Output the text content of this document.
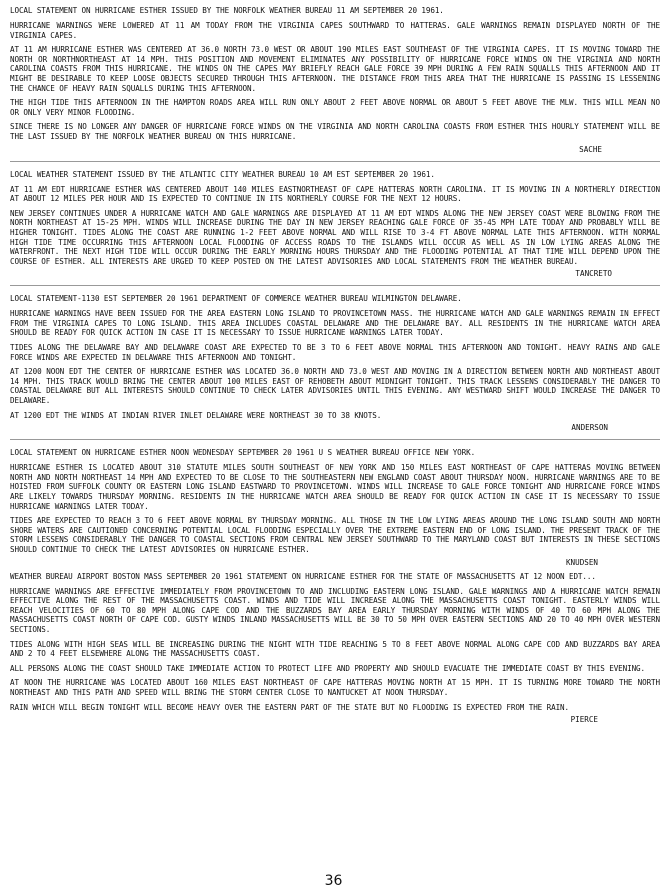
LOCAL STATEMENT ON HURRICANE ESTHER ISSUED BY THE NORFOLK WEATHER BUREAU 11 AM SEPTEMBER 20 1961.

HURRICANE WARNINGS WERE LOWERED AT 11 AM TODAY FROM THE VIRGINIA CAPES SOUTHWARD TO HATTERAS. GALE WARNINGS REMAIN DISPLAYED NORTH OF THE VIRGINIA CAPES.

AT 11 AM HURRICANE ESTHER WAS CENTERED AT 36.0 NORTH 73.0 WEST OR ABOUT 190 MILES EAST SOUTHEAST OF THE VIRGINIA CAPES. IT IS MOVING TOWARD THE NORTH OR NORTHNORTHEAST AT 14 MPH. THIS POSITION AND MOVEMENT ELIMINATES ANY POSSIBILITY OF HURRICANE FORCE WINDS ON THE VIRGINIA AND NORTH CAROLINA COASTS FROM THIS HURRICANE. THE WINDS ON THE CAPES MAY BRIEFLY REACH GALE FORCE 39 MPH DURING A FEW RAIN SQUALLS THIS AFTERNOON AND IT MIGHT BE DESIRABLE TO KEEP LOOSE OBJECTS SECURED THROUGH THIS AFTERNOON. THE DISTANCE FROM THIS AREA THAT THE HURRICANE IS PASSING IS LESSENING THE CHANCE OF HEAVY RAIN SQUALLS DURING THIS AFTERNOON.

THE HIGH TIDE THIS AFTERNOON IN THE HAMPTON ROADS AREA WILL RUN ONLY ABOUT 2 FEET ABOVE NORMAL OR ABOUT 5 FEET ABOVE THE MLW. THIS WILL MEAN NO OR ONLY VERY MINOR FLOODING.

SINCE THERE IS NO LONGER ANY DANGER OF HURRICANE FORCE WINDS ON THE VIRGINIA AND NORTH CAROLINA COASTS FROM ESTHER THIS HOURLY STATEMENT WILL BE THE LAST ISSUED BY THE NORFOLK WEATHER BUREAU ON THIS HURRICANE.

SACHE

LOCAL WEATHER STATEMENT ISSUED BY THE ATLANTIC CITY WEATHER BUREAU 10 AM EST SEPTEMBER 20 1961.

AT 11 AM EDT HURRICANE ESTHER WAS CENTERED ABOUT 140 MILES EASTNORTHEAST OF CAPE HATTERAS NORTH CAROLINA. IT IS MOVING IN A NORTHERLY DIRECTION AT ABOUT 12 MILES PER HOUR AND IS EXPECTED TO CONTINUE IN ITS NORTHERLY COURSE FOR THE NEXT 12 HOURS.

NEW JERSEY CONTINUES UNDER A HURRICANE WATCH AND GALE WARNINGS ARE DISPLAYED AT 11 AM EDT WINDS ALONG THE NEW JERSEY COAST WERE BLOWING FROM THE NORTH NORTHEAST AT 15-25 MPH. WINDS WILL INCREASE DURING THE DAY IN NEW JERSEY REACHING GALE FORCE OF 35-45 MPH LATE TODAY AND PROBABLY WILL BE HIGHER TONIGHT. TIDES ALONG THE COAST ARE RUNNING 1-2 FEET ABOVE NORMAL AND WILL RISE TO 3-4 FT ABOVE NORMAL LATE THIS AFTERNOON. WITH NORMAL HIGH TIDE TIME OCCURRING THIS AFTERNOON LOCAL FLOODING OF ACCESS ROADS TO THE ISLANDS WILL OCCUR AS WELL AS IN LOW LYING AREAS ALONG THE WATERFRONT. THE NEXT HIGH TIDE WILL OCCUR DURING THE EARLY MORNING HOURS THURSDAY AND THE FLOODING POTENTIAL AT THAT TIME WILL DEPEND UPON THE COURSE OF ESTHER. ALL INTERESTS ARE URGED TO KEEP POSTED ON THE LATEST ADVISORIES AND LOCAL STATEMENTS FROM THE WEATHER BUREAU.

TANCRETO

LOCAL STATEMENT-1130 EST SEPTEMBER 20 1961 DEPARTMENT OF COMMERCE WEATHER BUREAU WILMINGTON DELAWARE.

HURRICANE WARNINGS HAVE BEEN ISSUED FOR THE AREA EASTERN LONG ISLAND TO PROVINCETOWN MASS. THE HURRICANE WATCH AND GALE WARNINGS REMAIN IN EFFECT FROM THE VIRGINIA CAPES TO LONG ISLAND. THIS AREA INCLUDES COASTAL DELAWARE AND THE DELAWARE BAY. ALL RESIDENTS IN THE HURRICANE WATCH AREA SHOULD BE READY FOR QUICK ACTION IN CASE IT IS NECESSARY TO ISSUE HURRICANE WARNINGS LATER TODAY.

TIDES ALONG THE DELAWARE BAY AND DELAWARE COAST ARE EXPECTED TO BE 3 TO 6 FEET ABOVE NORMAL THIS AFTERNOON AND TONIGHT. HEAVY RAINS AND GALE FORCE WINDS ARE EXPECTED IN DELAWARE THIS AFTERNOON AND TONIGHT.

AT 1200 NOON EDT THE CENTER OF HURRICANE ESTHER WAS LOCATED 36.0 NORTH AND 73.0 WEST AND MOVING IN A DIRECTION BETWEEN NORTH AND NORTHEAST ABOUT 14 MPH. THIS TRACK WOULD BRING THE CENTER ABOUT 100 MILES EAST OF REHOBETH ABOUT MIDNIGHT TONIGHT. THIS TRACK LESSENS CONSIDERABLY THE DANGER TO COASTAL DELAWARE BUT ALL INTERESTS SHOULD CONTINUE TO CHECK LATER ADVISORIES UNTIL THIS EVENING. ANY WESTWARD SHIFT WOULD INCREASE THE DANGER TO DELAWARE.

AT 1200 EDT THE WINDS AT INDIAN RIVER INLET DELAWARE WERE NORTHEAST 30 TO 38 KNOTS.

ANDERSON

LOCAL STATEMENT ON HURRICANE ESTHER NOON WEDNESDAY SEPTEMBER 20 1961 U S WEATHER BUREAU OFFICE NEW YORK.

HURRICANE ESTHER IS LOCATED ABOUT 310 STATUTE MILES SOUTH SOUTHEAST OF NEW YORK AND 150 MILES EAST NORTHEAST OF CAPE HATTERAS MOVING BETWEEN NORTH AND NORTH NORTHEAST 14 MPH AND EXPECTED TO BE CLOSE TO THE SOUTHEASTERN NEW ENGLAND COAST ABOUT THURSDAY NOON. HURRICANE WARNINGS ARE TO BE HOISTED FROM SUFFOLK COUNTY OR EASTERN LONG ISLAND EASTWARD TO PROVINCETOWN. WINDS WILL INCREASE TO GALE FORCE TONIGHT AND HURRICANE FORCE WINDS ARE LIKELY TOWARDS THURSDAY MORNING. RESIDENTS IN THE HURRICANE WATCH AREA SHOULD BE READY FOR QUICK ACTION IN CASE IT IS NECESSARY TO ISSUE HURRICANE WARNINGS LATER TODAY.

TIDES ARE EXPECTED TO REACH 3 TO 6 FEET ABOVE NORMAL BY THURSDAY MORNING. ALL THOSE IN THE LOW LYING AREAS AROUND THE LONG ISLAND SOUTH AND NORTH SHORE WATERS ARE CAUTIONED CONCERNING POTENTIAL LOCAL FLOODING ESPECIALLY OVER THE EXTREME EASTERN END OF LONG ISLAND. THE PRESENT TRACK OF THE STORM LESSENS CONSIDERABLY THE DANGER TO COASTAL SECTIONS FROM CENTRAL NEW JERSEY SOUTHWARD TO THE MARYLAND COAST BUT INTERESTS IN THESE SECTIONS SHOULD CONTINUE TO CHECK THE LATEST ADVISORIES ON HURRICANE ESTHER.

KNUDSEN

WEATHER BUREAU AIRPORT BOSTON MASS SEPTEMBER 20 1961 STATEMENT ON HURRICANE ESTHER FOR THE STATE OF MASSACHUSETTS AT 12 NOON EDT...

HURRICANE WARNINGS ARE EFFECTIVE IMMEDIATELY FROM PROVINCETOWN TO AND INCLUDING EASTERN LONG ISLAND. GALE WARNINGS AND A HURRICANE WATCH REMAIN EFFECTIVE ALONG THE REST OF THE MASSACHUSETTS COAST. WINDS AND TIDE WILL INCREASE ALONG THE MASSACHUSETTS COAST TONIGHT. EASTERLY WINDS WILL REACH VELOCITIES OF 60 TO 80 MPH ALONG CAPE COD AND THE BUZZARDS BAY AREA EARLY THURSDAY MORNING WITH WINDS OF 40 TO 60 MPH ALONG THE MASSACHUSETTS COAST NORTH OF CAPE COD. GUSTY WINDS INLAND MASSACHUSETTS WILL BE 30 TO 50 MPH OVER EASTERN SECTIONS AND 20 TO 40 MPH OVER WESTERN SECTIONS.

TIDES ALONG WITH HIGH SEAS WILL BE INCREASING DURING THE NIGHT WITH TIDE REACHING 5 TO 8 FEET ABOVE NORMAL ALONG CAPE COD AND BUZZARDS BAY AREA AND 2 TO 4 FEET ELSEWHERE ALONG THE MASSACHUSETTS COAST.

ALL PERSONS ALONG THE COAST SHOULD TAKE IMMEDIATE ACTION TO PROTECT LIFE AND PROPERTY AND SHOULD EVACUATE THE IMMEDIATE COAST BY THIS EVENING.

AT NOON THE HURRICANE WAS LOCATED ABOUT 160 MILES EAST NORTHEAST OF CAPE HATTERAS MOVING NORTH AT 15 MPH. IT IS TURNING MORE TOWARD THE NORTH NORTHEAST AND THIS PATH AND SPEED WILL BRING THE STORM CENTER CLOSE TO NANTUCKET AT NOON THURSDAY.

RAIN WHICH WILL BEGIN TONIGHT WILL BECOME HEAVY OVER THE EASTERN PART OF THE STATE BUT NO FLOODING IS EXPECTED FROM THE RAIN.

PIERCE
36
